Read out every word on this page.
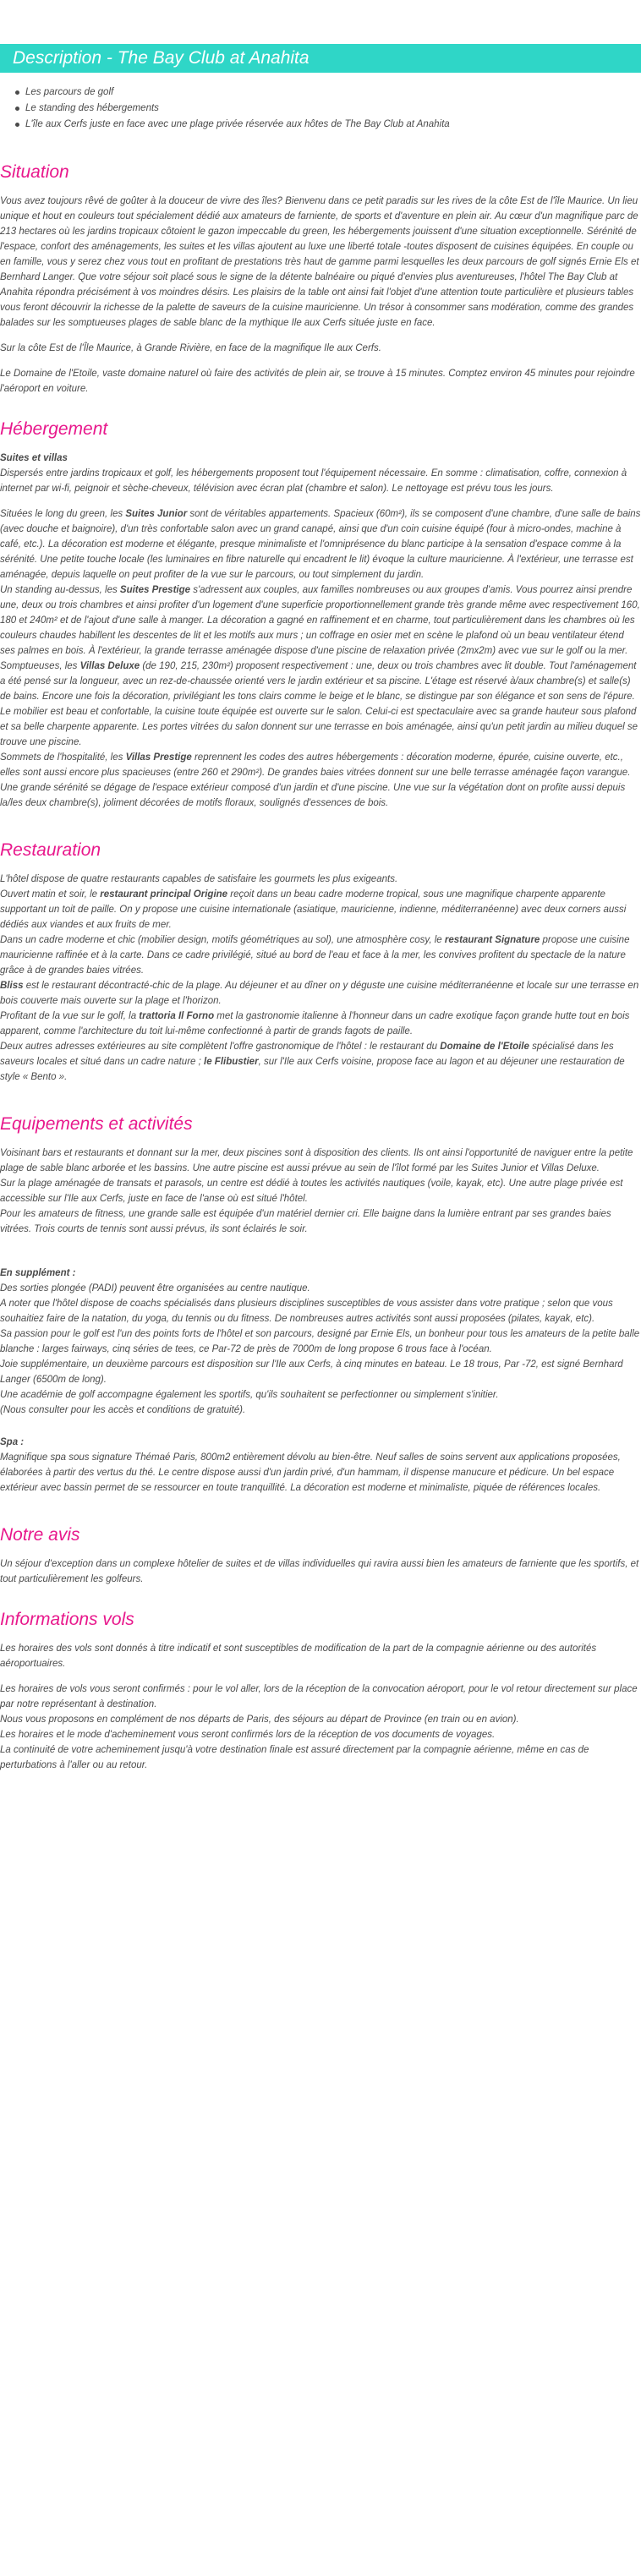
Description - The Bay Club at Anahita
Les parcours de golf
Le standing des hébergements
L'île aux Cerfs juste en face avec une plage privée réservée aux hôtes de The Bay Club at Anahita
Situation

Vous avez toujours rêvé de goûter à la douceur de vivre des îles? Bienvenu dans ce petit paradis sur les rives de la côte Est de l'île Maurice. Un lieu unique et hout en couleurs tout spécialement dédié aux amateurs de farniente, de sports et d'aventure en plein air. Au cœur d'un magnifique parc de 213 hectares où les jardins tropicaux côtoient le gazon impeccable du green, les hébergements jouissent d'une situation exceptionnelle. Sérénité de l'espace, confort des aménagements, les suites et les villas ajoutent au luxe une liberté totale -toutes disposent de cuisines équipées. En couple ou en famille, vous y serez chez vous tout en profitant de prestations très haut de gamme parmi lesquelles les deux parcours de golf signés Ernie Els et Bernhard Langer. Que votre séjour soit placé sous le signe de la détente balnéaire ou piqué d'envies plus aventureuses, l'hôtel The Bay Club at Anahita répondra précisément à vos moindres désirs. Les plaisirs de la table ont ainsi fait l'objet d'une attention toute particulière et plusieurs tables vous feront découvrir la richesse de la palette de saveurs de la cuisine mauricienne. Un trésor à consommer sans modération, comme des grandes balades sur les somptueuses plages de sable blanc de la mythique Ile aux Cerfs située juste en face.

Sur la côte Est de l'Île Maurice, à Grande Rivière, en face de la magnifique Ile aux Cerfs.

Le Domaine de l'Etoile, vaste domaine naturel où faire des activités de plein air, se trouve à 15 minutes. Comptez environ 45 minutes pour rejoindre l'aéroport en voiture.

Hébergement

Suites et villas

Dispersés entre jardins tropicaux et golf, les hébergements proposent tout l'équipement nécessaire. En somme : climatisation, coffre, connexion à internet par wi-fi, peignoir et sèche-cheveux, télévision avec écran plat (chambre et salon). Le nettoyage est prévu tous les jours.

Situées le long du green, les Suites Junior sont de véritables appartements. Spacieux (60m²), ils se composent d'une chambre, d'une salle de bains (avec douche et baignoire), d'un très confortable salon avec un grand canapé, ainsi que d'un coin cuisine équipé (four à micro-ondes, machine à café, etc.). La décoration est moderne et élégante, presque minimaliste et l'omniprésence du blanc participe à la sensation d'espace comme à la sérénité. Une petite touche locale (les luminaires en fibre naturelle qui encadrent le lit) évoque la culture mauricienne. À l'extérieur, une terrasse est aménagée, depuis laquelle on peut profiter de la vue sur le parcours, ou tout simplement du jardin.

Un standing au-dessus, les Suites Prestige s'adressent aux couples, aux familles nombreuses ou aux groupes d'amis. Vous pourrez ainsi prendre une, deux ou trois chambres et ainsi profiter d'un logement d'une superficie proportionnellement grande très grande même avec respectivement 160, 180 et 240m² et de l'ajout d'une salle à manger. La décoration a gagné en raffinement et en charme, tout particulièrement dans les chambres où les couleurs chaudes habillent les descentes de lit et les motifs aux murs ; un coffrage en osier met en scène le plafond où un beau ventilateur étend ses palmes en bois. À l'extérieur, la grande terrasse aménagée dispose d'une piscine de relaxation privée (2mx2m) avec vue sur le golf ou la mer.

Somptueuses, les Villas Deluxe (de 190, 215, 230m²) proposent respectivement : une, deux ou trois chambres avec lit double. Tout l'aménagement a été pensé sur la longueur, avec un rez-de-chaussée orienté vers le jardin extérieur et sa piscine. L'étage est réservé à/aux chambre(s) et salle(s) de bains. Encore une fois la décoration, privilégiant les tons clairs comme le beige et le blanc, se distingue par son élégance et son sens de l'épure. Le mobilier est beau et confortable, la cuisine toute équipée est ouverte sur le salon. Celui-ci est spectaculaire avec sa grande hauteur sous plafond et sa belle charpente apparente. Les portes vitrées du salon donnent sur une terrasse en bois aménagée, ainsi qu'un petit jardin au milieu duquel se trouve une piscine.

Sommets de l'hospitalité, les Villas Prestige reprennent les codes des autres hébergements : décoration moderne, épurée, cuisine ouverte, etc., elles sont aussi encore plus spacieuses (entre 260 et 290m²). De grandes baies vitrées donnent sur une belle terrasse aménagée façon varangue. Une grande sérénité se dégage de l'espace extérieur composé d'un jardin et d'une piscine. Une vue sur la végétation dont on profite aussi depuis la/les deux chambre(s), joliment décorées de motifs floraux, soulignés d'essences de bois.

Restauration

L'hôtel dispose de quatre restaurants capables de satisfaire les gourmets les plus exigeants.

Ouvert matin et soir, le restaurant principal Origine reçoit dans un beau cadre moderne tropical, sous une magnifique charpente apparente supportant un toit de paille. On y propose une cuisine internationale (asiatique, mauricienne, indienne, méditerranéenne) avec deux corners aussi dédiés aux viandes et aux fruits de mer.

Dans un cadre moderne et chic (mobilier design, motifs géométriques au sol), une atmosphère cosy, le restaurant Signature propose une cuisine mauricienne raffinée et à la carte. Dans ce cadre privilégié, situé au bord de l'eau et face à la mer, les convives profitent du spectacle de la nature grâce à de grandes baies vitrées.

Bliss est le restaurant décontracté-chic de la plage. Au déjeuner et au dîner on y déguste une cuisine méditerranéenne et locale sur une terrasse en bois couverte mais ouverte sur la plage et l'horizon.

Profitant de la vue sur le golf, la trattoria Il Forno met la gastronomie italienne à l'honneur dans un cadre exotique façon grande hutte tout en bois apparent, comme l'architecture du toit lui-même confectionné à partir de grands fagots de paille.

Deux autres adresses extérieures au site complètent l'offre gastronomique de l'hôtel : le restaurant du Domaine de l'Etoile spécialisé dans les saveurs locales et situé dans un cadre nature ; le Flibustier, sur l'Ile aux Cerfs voisine, propose face au lagon et au déjeuner une restauration de style « Bento ».

Equipements et activités

Voisinant bars et restaurants et donnant sur la mer, deux piscines sont à disposition des clients. Ils ont ainsi l'opportunité de naviguer entre la petite plage de sable blanc arborée et les bassins. Une autre piscine est aussi prévue au sein de l'îlot formé par les Suites Junior et Villas Deluxe.

Sur la plage aménagée de transats et parasols, un centre est dédié à toutes les activités nautiques (voile, kayak, etc). Une autre plage privée est accessible sur l'Ile aux Cerfs, juste en face de l'anse où est situé l'hôtel.

Pour les amateurs de fitness, une grande salle est équipée d'un matériel dernier cri. Elle baigne dans la lumière entrant par ses grandes baies vitrées. Trois courts de tennis sont aussi prévus, ils sont éclairés le soir.

En supplément :

Des sorties plongée (PADI) peuvent être organisées au centre nautique.

A noter que l'hôtel dispose de coachs spécialisés dans plusieurs disciplines susceptibles de vous assister dans votre pratique ; selon que vous souhaitiez faire de la natation, du yoga, du tennis ou du fitness. De nombreuses autres activités sont aussi proposées (pilates, kayak, etc).

Sa passion pour le golf est l'un des points forts de l'hôtel et son parcours, designé par Ernie Els, un bonheur pour tous les amateurs de la petite balle blanche : larges fairways, cinq séries de tees, ce Par-72 de près de 7000m de long propose 6 trous face à l'océan.

Joie supplémentaire, un deuxième parcours est disposition sur l'Ile aux Cerfs, à cinq minutes en bateau. Le 18 trous, Par -72, est signé Bernhard Langer (6500m de long).

Une académie de golf accompagne également les sportifs, qu'ils souhaitent se perfectionner ou simplement s'initier.

(Nous consulter pour les accès et conditions de gratuité).

Spa :

Magnifique spa sous signature Thémaé Paris, 800m2 entièrement dévolu au bien-être. Neuf salles de soins servent aux applications proposées, élaborées à partir des vertus du thé. Le centre dispose aussi d'un jardin privé, d'un hammam, il dispense manucure et pédicure. Un bel espace extérieur avec bassin permet de se ressourcer en toute tranquillité. La décoration est moderne et minimaliste, piquée de références locales.

Notre avis

Un séjour d'exception dans un complexe hôtelier de suites et de villas individuelles qui ravira aussi bien les amateurs de farniente que les sportifs, et tout particulièrement les golfeurs.

Informations vols

Les horaires des vols sont donnés à titre indicatif et sont susceptibles de modification de la part de la compagnie aérienne ou des autorités aéroportuaires.

Les horaires de vols vous seront confirmés : pour le vol aller, lors de la réception de la convocation aéroport, pour le vol retour directement sur place par notre représentant à destination.

Nous vous proposons en complément de nos départs de Paris, des séjours au départ de Province (en train ou en avion).

Les horaires et le mode d'acheminement vous seront confirmés lors de la réception de vos documents de voyages.

La continuité de votre acheminement jusqu'à votre destination finale est assuré directement par la compagnie aérienne, même en cas de perturbations à l'aller ou au retour.
